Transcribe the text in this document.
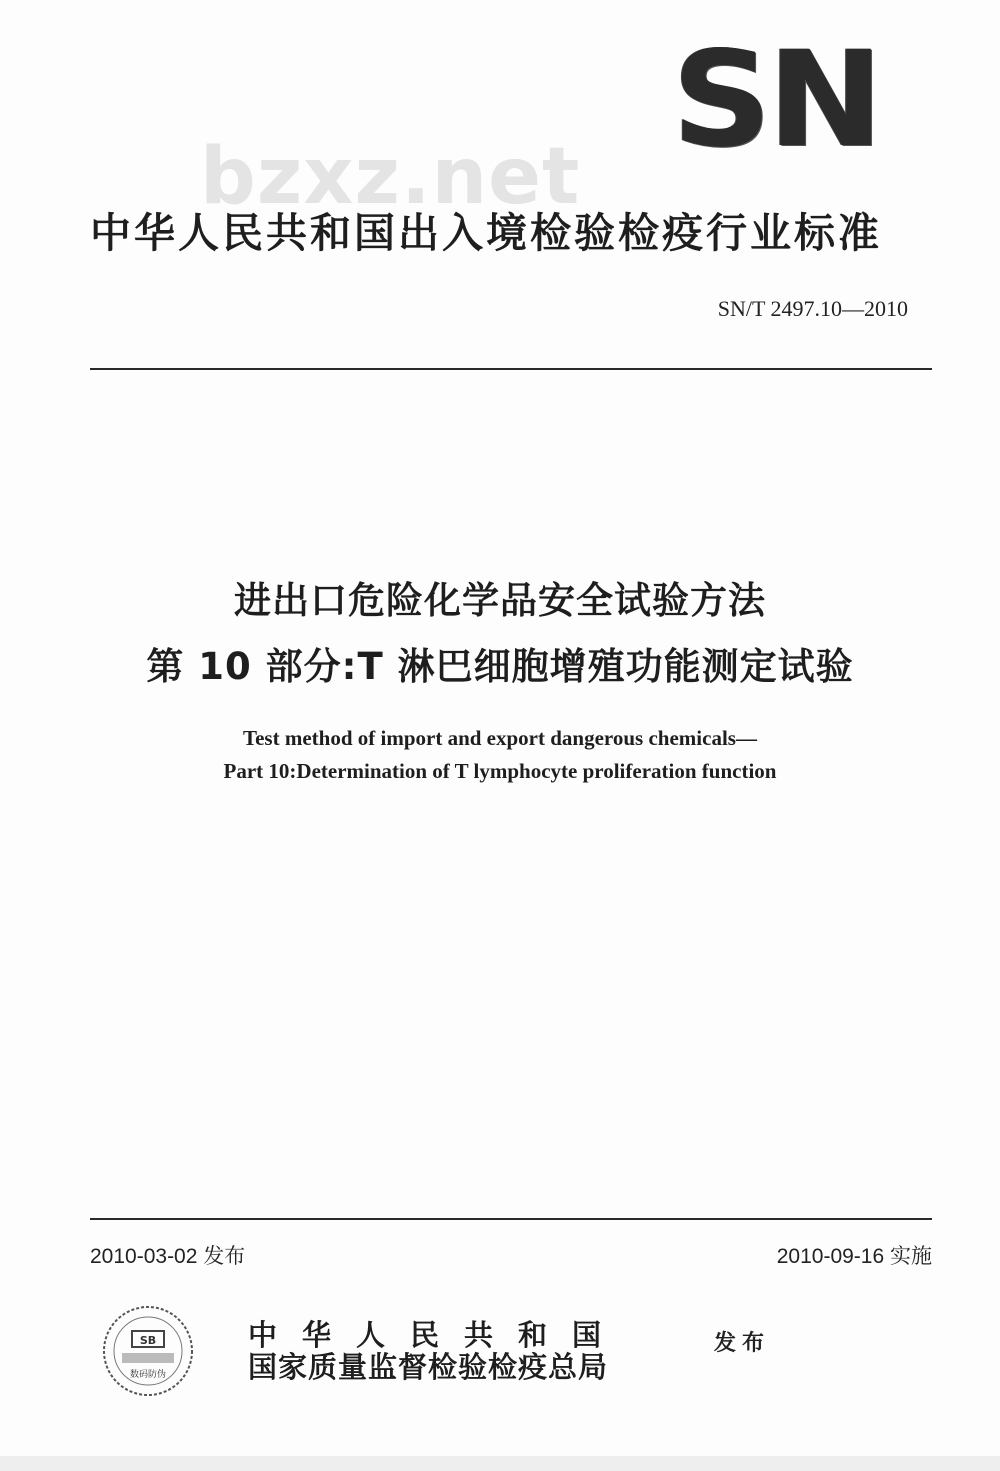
SN
bzxz.net
中华人民共和国出入境检验检疫行业标准
SN/T 2497.10—2010
进出口危险化学品安全试验方法
第 10 部分:T 淋巴细胞增殖功能测定试验
Test method of import and export dangerous chemicals—
Part 10:Determination of T lymphocyte proliferation function
2010-03-02 发布	2010-09-16 实施
SB
数码防伪
中华人民共和国
国家质量监督检验检疫总局
发布
